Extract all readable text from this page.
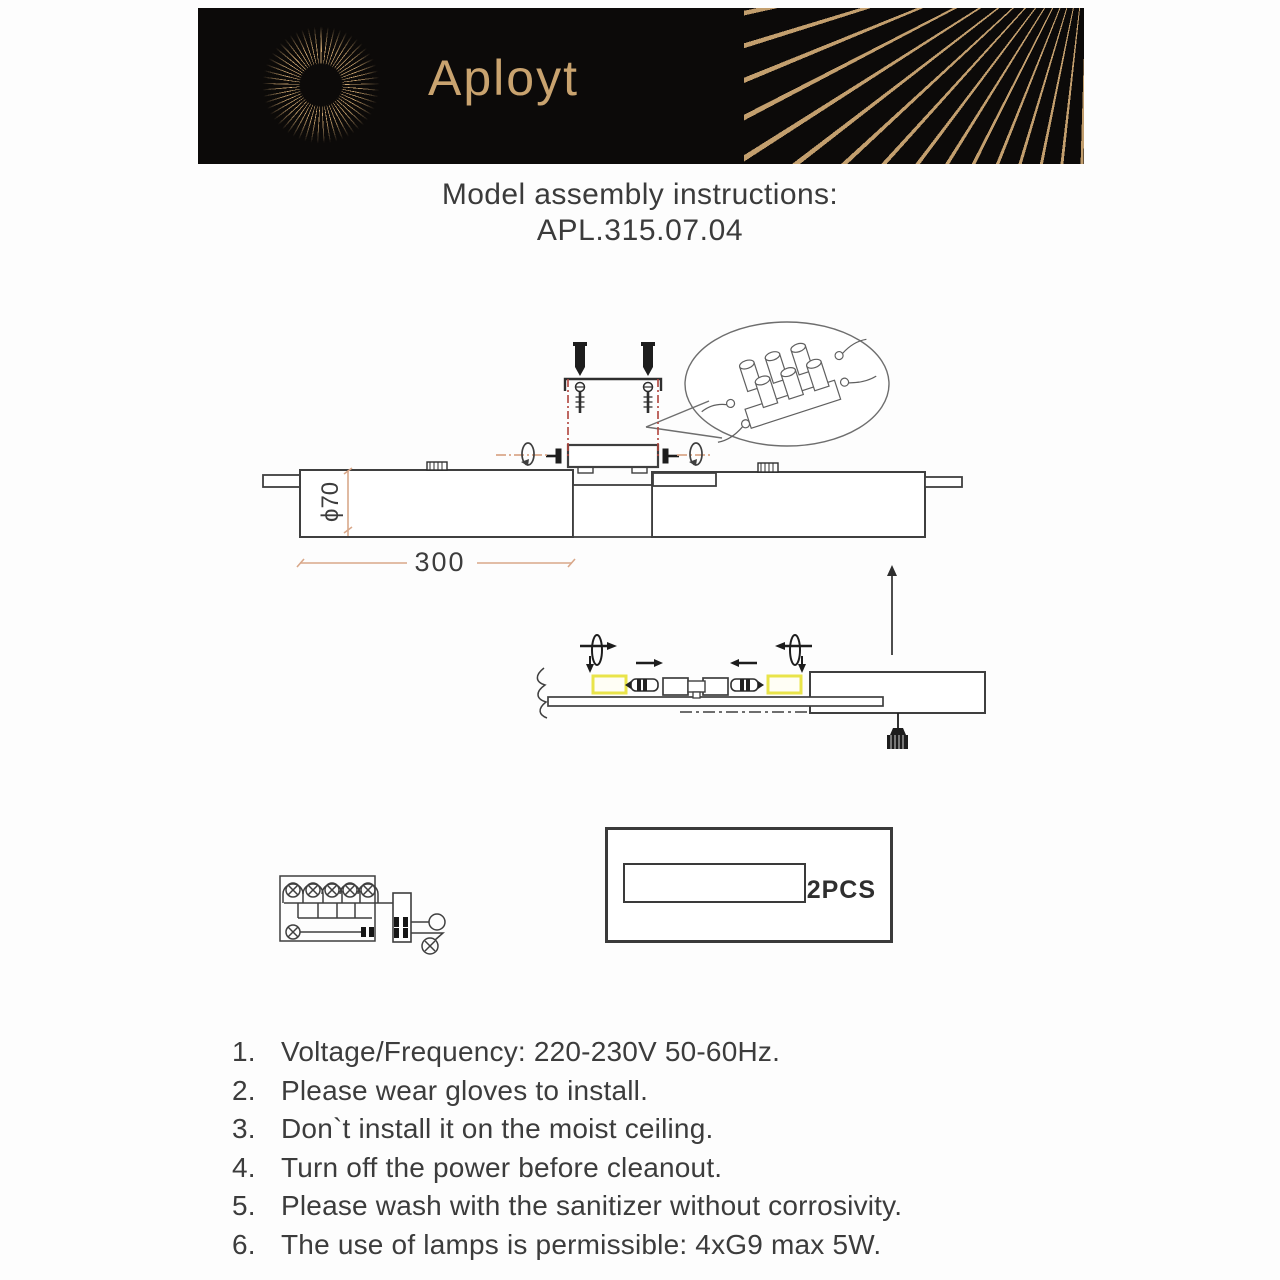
Aployt
Model assembly instructions:
APL.315.07.04
ϕ70
300
2PCS
1. Voltage/Frequency: 220-230V 50-60Hz.
2. Please wear gloves to install.
3. Don`t install it on the moist ceiling.
4. Turn off the power before cleanout.
5. Please wash with the sanitizer without corrosivity.
6. The use of lamps is permissible: 4xG9 max 5W.
